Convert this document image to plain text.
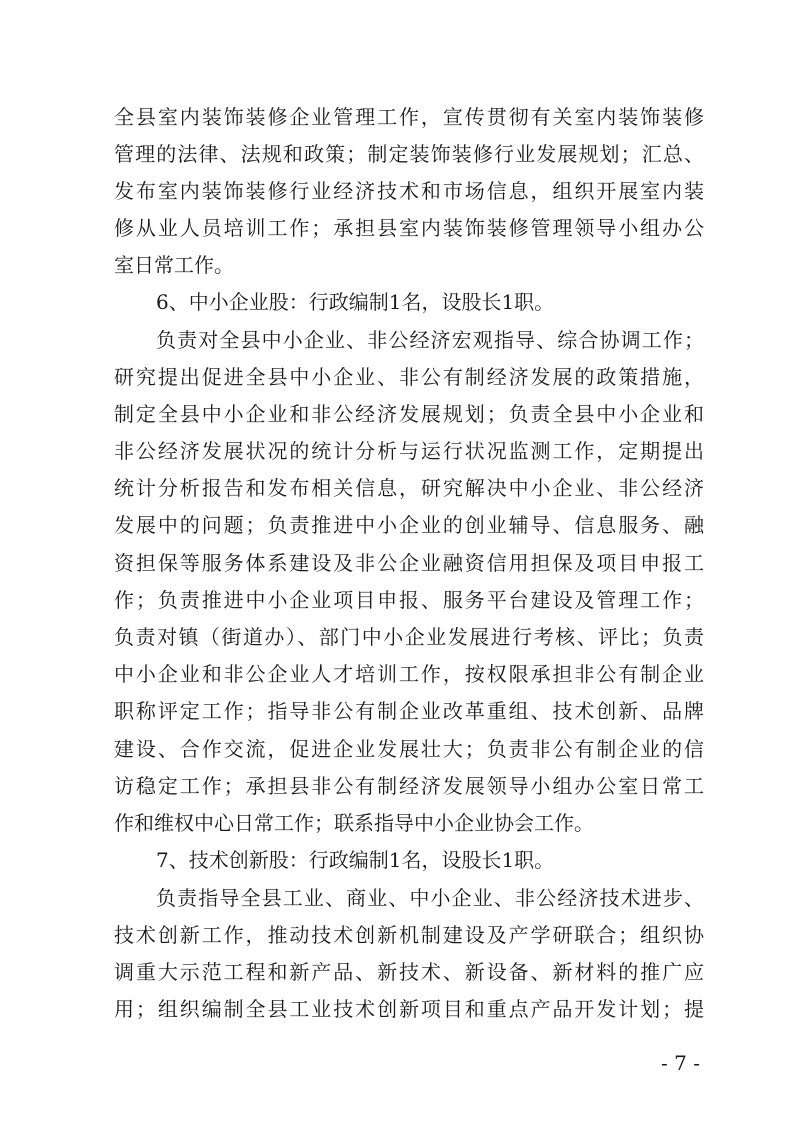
全县室内装饰装修企业管理工作，宣传贯彻有关室内装饰装修
管理的法律、法规和政策；制定装饰装修行业发展规划；汇总、
发布室内装饰装修行业经济技术和市场信息，组织开展室内装
修从业人员培训工作；承担县室内装饰装修管理领导小组办公
室日常工作。
6、中小企业股：行政编制1名，设股长1职。
负责对全县中小企业、非公经济宏观指导、综合协调工作；
研究提出促进全县中小企业、非公有制经济发展的政策措施，
制定全县中小企业和非公经济发展规划；负责全县中小企业和
非公经济发展状况的统计分析与运行状况监测工作，定期提出
统计分析报告和发布相关信息，研究解决中小企业、非公经济
发展中的问题；负责推进中小企业的创业辅导、信息服务、融
资担保等服务体系建设及非公企业融资信用担保及项目申报工
作；负责推进中小企业项目申报、服务平台建设及管理工作；
负责对镇（街道办）、部门中小企业发展进行考核、评比；负责
中小企业和非公企业人才培训工作，按权限承担非公有制企业
职称评定工作；指导非公有制企业改革重组、技术创新、品牌
建设、合作交流，促进企业发展壮大；负责非公有制企业的信
访稳定工作；承担县非公有制经济发展领导小组办公室日常工
作和维权中心日常工作；联系指导中小企业协会工作。
7、技术创新股：行政编制1名，设股长1职。
负责指导全县工业、商业、中小企业、非公经济技术进步、
技术创新工作，推动技术创新机制建设及产学研联合；组织协
调重大示范工程和新产品、新技术、新设备、新材料的推广应
用；组织编制全县工业技术创新项目和重点产品开发计划；提
- 7 -
